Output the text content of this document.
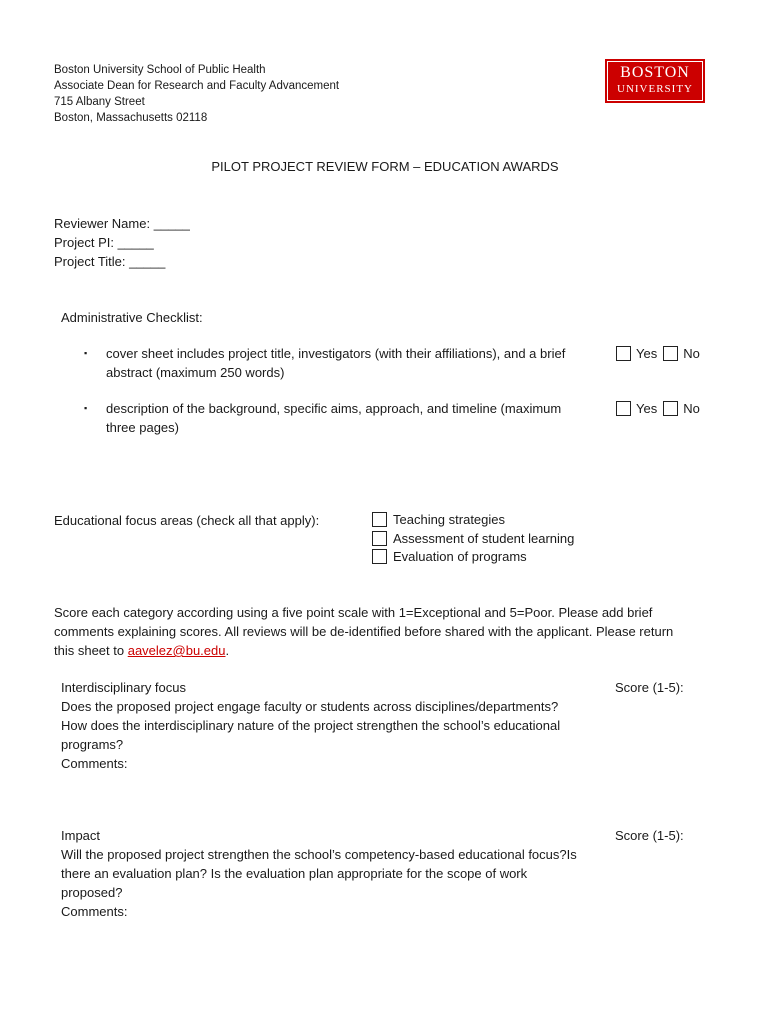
Boston University School of Public Health
Associate Dean for Research and Faculty Advancement
715 Albany Street
Boston, Massachusetts 02118
BOSTON
UNIVERSITY
PILOT PROJECT REVIEW FORM – EDUCATION AWARDS
Reviewer Name: _____
Project PI: _____
Project Title: _____
Administrative Checklist:
▪ cover sheet includes project title, investigators (with their affiliations), and a brief
abstract (maximum 250 words)
Yes No
▪ description of the background, specific aims, approach, and timeline (maximum
three pages)
Yes No
Educational focus areas (check all that apply):	Teaching strategies
Assessment of student learning
Evaluation of programs
Score each category according using a five point scale with 1=Exceptional and 5=Poor. Please add brief
comments explaining scores. All reviews will be de-identified before shared with the applicant. Please return
this sheet to aavelez@bu.edu.
Interdisciplinary focus
Does the proposed project engage faculty or students across disciplines/departments?
How does the interdisciplinary nature of the project strengthen the school’s educational
programs?
Comments:
Score (1-5):
Impact
Will the proposed project strengthen the school’s competency-based educational focus?Is
there an evaluation plan? Is the evaluation plan appropriate for the scope of work
proposed?
Comments:
Score (1-5):
